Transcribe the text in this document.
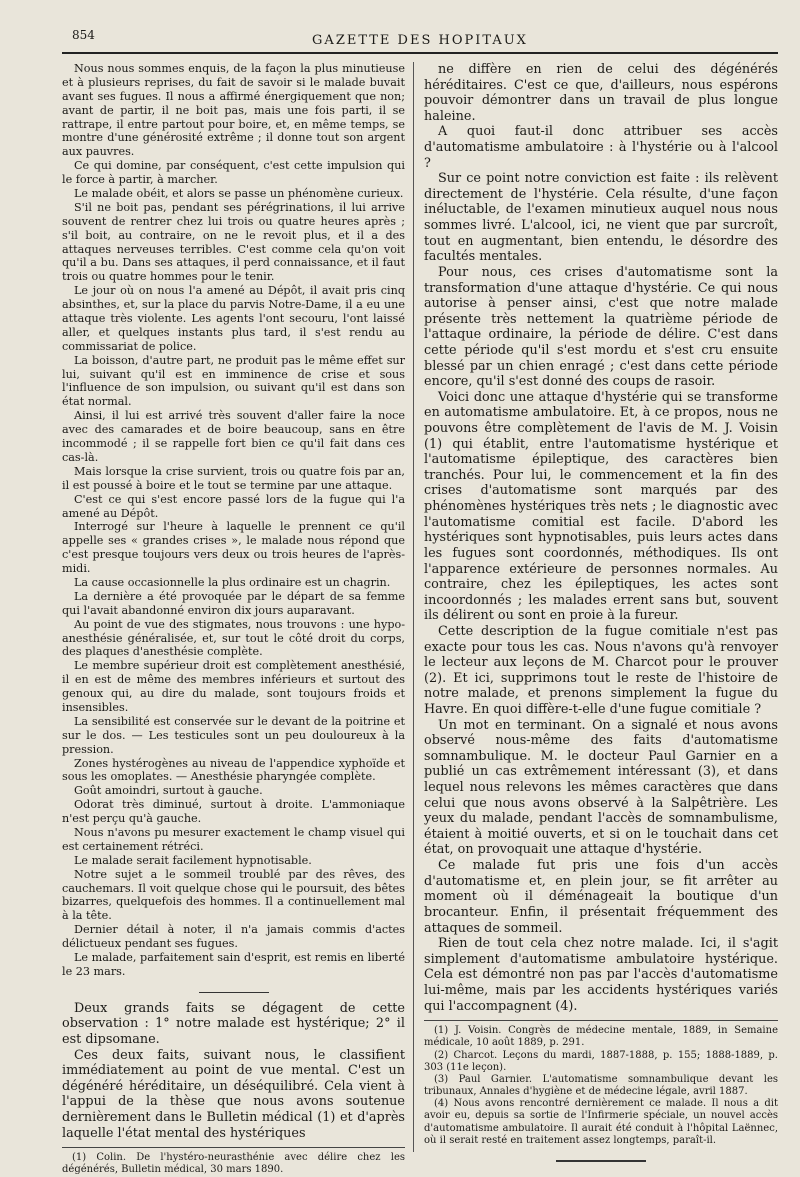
854	GAZETTE DES HOPITAUX

Nous nous sommes enquis, de la façon la plus minutieuse et à plusieurs reprises, du fait de savoir si le malade buvait avant ses fugues. Il nous a affirmé énergiquement que non; avant de partir, il ne boit pas, mais une fois parti, il se rattrape, il entre partout pour boire, et, en même temps, se montre d'une générosité extrême ; il donne tout son argent aux pauvres.

Ce qui domine, par conséquent, c'est cette impulsion qui le force à partir, à marcher.

Le malade obéit, et alors se passe un phénomène curieux.

S'il ne boit pas, pendant ses pérégrinations, il lui arrive souvent de rentrer chez lui trois ou quatre heures après ; s'il boit, au contraire, on ne le revoit plus, et il a des attaques nerveuses terribles. C'est comme cela qu'on voit qu'il a bu. Dans ses attaques, il perd connaissance, et il faut trois ou quatre hommes pour le tenir.

Le jour où on nous l'a amené au Dépôt, il avait pris cinq absinthes, et, sur la place du parvis Notre-Dame, il a eu une attaque très violente. Les agents l'ont secouru, l'ont laissé aller, et quelques instants plus tard, il s'est rendu au commissariat de police.

La boisson, d'autre part, ne produit pas le même effet sur lui, suivant qu'il est en imminence de crise et sous l'influence de son impulsion, ou suivant qu'il est dans son état normal.

Ainsi, il lui est arrivé très souvent d'aller faire la noce avec des camarades et de boire beaucoup, sans en être incommodé ; il se rappelle fort bien ce qu'il fait dans ces cas-là.

Mais lorsque la crise survient, trois ou quatre fois par an, il est poussé à boire et le tout se termine par une attaque.

C'est ce qui s'est encore passé lors de la fugue qui l'a amené au Dépôt.

Interrogé sur l'heure à laquelle le prennent ce qu'il appelle ses « grandes crises », le malade nous répond que c'est presque toujours vers deux ou trois heures de l'après-midi.

La cause occasionnelle la plus ordinaire est un chagrin.

La dernière a été provoquée par le départ de sa femme qui l'avait abandonné environ dix jours auparavant.

Au point de vue des stigmates, nous trouvons : une hypo-anesthésie généralisée, et, sur tout le côté droit du corps, des plaques d'anesthésie complète.

Le membre supérieur droit est complètement anesthésié, il en est de même des membres inférieurs et surtout des genoux qui, au dire du malade, sont toujours froids et insensibles.

La sensibilité est conservée sur le devant de la poitrine et sur le dos. — Les testicules sont un peu douloureux à la pression.

Zones hystérogènes au niveau de l'appendice xyphoïde et sous les omoplates. — Anesthésie pharyngée complète.

Goût amoindri, surtout à gauche.

Odorat très diminué, surtout à droite. L'ammoniaque n'est perçu qu'à gauche.

Nous n'avons pu mesurer exactement le champ visuel qui est certainement rétréci.

Le malade serait facilement hypnotisable.

Notre sujet a le sommeil troublé par des rêves, des cauchemars. Il voit quelque chose qui le poursuit, des bêtes bizarres, quelquefois des hommes. Il a continuellement mal à la tête.

Dernier détail à noter, il n'a jamais commis d'actes délictueux pendant ses fugues.

Le malade, parfaitement sain d'esprit, est remis en liberté le 23 mars.

Deux grands faits se dégagent de cette observation : 1° notre malade est hystérique; 2° il est dipsomane.

Ces deux faits, suivant nous, le classifient immédiatement au point de vue mental. C'est un dégénéré héréditaire, un déséquilibré. Cela vient à l'appui de la thèse que nous avons soutenue dernièrement dans le Bulletin médical (1) et d'après laquelle l'état mental des hystériques

(1) Colin. De l'hystéro-neurasthénie avec délire chez les dégénérés, Bulletin médical, 30 mars 1890.

ne diffère en rien de celui des dégénérés héréditaires. C'est ce que, d'ailleurs, nous espérons pouvoir démontrer dans un travail de plus longue haleine.

A quoi faut-il donc attribuer ses accès d'automatisme ambulatoire : à l'hystérie ou à l'alcool ?

Sur ce point notre conviction est faite : ils relèvent directement de l'hystérie. Cela résulte, d'une façon inéluctable, de l'examen minutieux auquel nous nous sommes livré. L'alcool, ici, ne vient que par surcroît, tout en augmentant, bien entendu, le désordre des facultés mentales.

Pour nous, ces crises d'automatisme sont la transformation d'une attaque d'hystérie. Ce qui nous autorise à penser ainsi, c'est que notre malade présente très nettement la quatrième période de l'attaque ordinaire, la période de délire. C'est dans cette période qu'il s'est mordu et s'est cru ensuite blessé par un chien enragé ; c'est dans cette période encore, qu'il s'est donné des coups de rasoir.

Voici donc une attaque d'hystérie qui se transforme en automatisme ambulatoire. Et, à ce propos, nous ne pouvons être complètement de l'avis de M. J. Voisin (1) qui établit, entre l'automatisme hystérique et l'automatisme épileptique, des caractères bien tranchés. Pour lui, le commencement et la fin des crises d'automatisme sont marqués par des phénomènes hystériques très nets ; le diagnostic avec l'automatisme comitial est facile. D'abord les hystériques sont hypnotisables, puis leurs actes dans les fugues sont coordonnés, méthodiques. Ils ont l'apparence extérieure de personnes normales. Au contraire, chez les épileptiques, les actes sont incoordonnés ; les malades errent sans but, souvent ils délirent ou sont en proie à la fureur.

Cette description de la fugue comitiale n'est pas exacte pour tous les cas. Nous n'avons qu'à renvoyer le lecteur aux leçons de M. Charcot pour le prouver (2). Et ici, supprimons tout le reste de l'histoire de notre malade, et prenons simplement la fugue du Havre. En quoi diffère-t-elle d'une fugue comitiale ?

Un mot en terminant. On a signalé et nous avons observé nous-même des faits d'automatisme somnambulique. M. le docteur Paul Garnier en a publié un cas extrêmement intéressant (3), et dans lequel nous relevons les mêmes caractères que dans celui que nous avons observé à la Salpêtrière. Les yeux du malade, pendant l'accès de somnambulisme, étaient à moitié ouverts, et si on le touchait dans cet état, on provoquait une attaque d'hystérie.

Ce malade fut pris une fois d'un accès d'automatisme et, en plein jour, se fit arrêter au moment où il déménageait la boutique d'un brocanteur. Enfin, il présentait fréquemment des attaques de sommeil.

Rien de tout cela chez notre malade. Ici, il s'agit simplement d'automatisme ambulatoire hystérique. Cela est démontré non pas par l'accès d'automatisme lui-même, mais par les accidents hystériques variés qui l'accompagnent (4).

(1) J. Voisin. Congrès de médecine mentale, 1889, in Semaine médicale, 10 août 1889, p. 291.

(2) Charcot. Leçons du mardi, 1887-1888, p. 155; 1888-1889, p. 303 (11e leçon).

(3) Paul Garnier. L'automatisme somnambulique devant les tribunaux, Annales d'hygiène et de médecine légale, avril 1887.

(4) Nous avons rencontré dernièrement ce malade. Il nous a dit avoir eu, depuis sa sortie de l'Infirmerie spéciale, un nouvel accès d'automatisme ambulatoire. Il aurait été conduit à l'hôpital Laënnec, où il serait resté en traitement assez longtemps, paraît-il.
